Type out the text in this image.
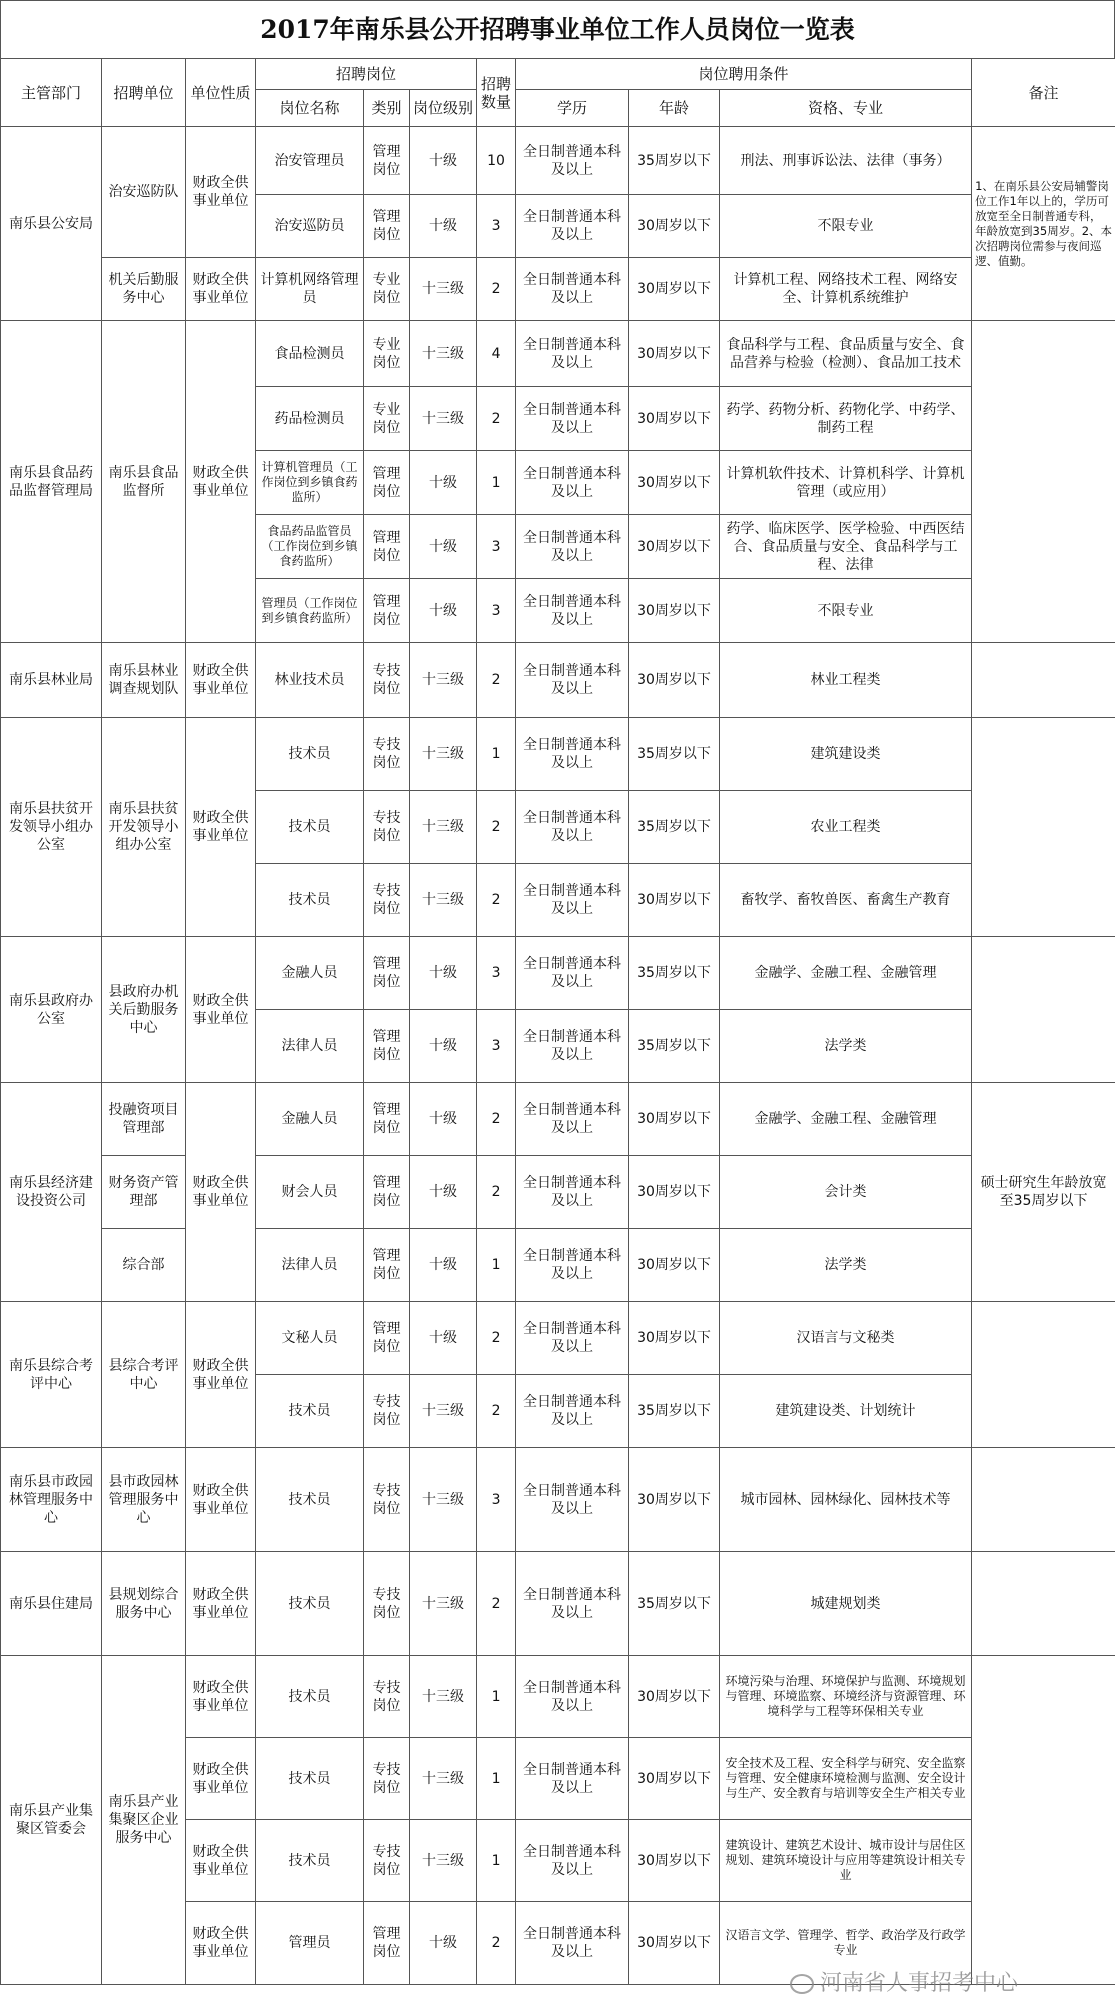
2017年南乐县公开招聘事业单位工作人员岗位一览表
主管部门	招聘单位	单位性质	招聘岗位			招聘数量	岗位聘用条件			备注
			岗位名称	类别	岗位级别		学历	年龄	资格、专业	
南乐县公安局	治安巡防队	财政全供事业单位	治安管理员	管理岗位	十级	10	全日制普通本科及以上	35周岁以下	刑法、刑事诉讼法、法律（事务）	1、在南乐县公安局辅警岗位工作1年以上的，学历可放宽至全日制普通专科，年龄放宽到35周岁。2、本次招聘岗位需参与夜间巡逻、值勤。
			治安巡防员	管理岗位	十级	3	全日制普通本科及以上	30周岁以下	不限专业	
	机关后勤服务中心	财政全供事业单位	计算机网络管理员	专业岗位	十三级	2	全日制普通本科及以上	30周岁以下	计算机工程、网络技术工程、网络安全、计算机系统维护	
南乐县食品药品监督管理局	南乐县食品监督所	财政全供事业单位	食品检测员	专业岗位	十三级	4	全日制普通本科及以上	30周岁以下	食品科学与工程、食品质量与安全、食品营养与检验（检测）、食品加工技术	
			药品检测员	专业岗位	十三级	2	全日制普通本科及以上	30周岁以下	药学、药物分析、药物化学、中药学、制药工程	
			计算机管理员（工作岗位到乡镇食药监所）	管理岗位	十级	1	全日制普通本科及以上	30周岁以下	计算机软件技术、计算机科学、计算机管理（或应用）	
			食品药品监管员（工作岗位到乡镇食药监所）	管理岗位	十级	3	全日制普通本科及以上	30周岁以下	药学、临床医学、医学检验、中西医结合、食品质量与安全、食品科学与工程、法律	
			管理员（工作岗位到乡镇食药监所）	管理岗位	十级	3	全日制普通本科及以上	30周岁以下	不限专业	
南乐县林业局	南乐县林业调查规划队	财政全供事业单位	林业技术员	专技岗位	十三级	2	全日制普通本科及以上	30周岁以下	林业工程类	
南乐县扶贫开发领导小组办公室	南乐县扶贫开发领导小组办公室	财政全供事业单位	技术员	专技岗位	十三级	1	全日制普通本科及以上	35周岁以下	建筑建设类	
			技术员	专技岗位	十三级	2	全日制普通本科及以上	35周岁以下	农业工程类	
			技术员	专技岗位	十三级	2	全日制普通本科及以上	30周岁以下	畜牧学、畜牧兽医、畜禽生产教育	
南乐县政府办公室	县政府办机关后勤服务中心	财政全供事业单位	金融人员	管理岗位	十级	3	全日制普通本科及以上	35周岁以下	金融学、金融工程、金融管理	
			法律人员	管理岗位	十级	3	全日制普通本科及以上	35周岁以下	法学类	
南乐县经济建设投资公司	投融资项目管理部	财政全供事业单位	金融人员	管理岗位	十级	2	全日制普通本科及以上	30周岁以下	金融学、金融工程、金融管理	硕士研究生年龄放宽至35周岁以下
	财务资产管理部		财会人员	管理岗位	十级	2	全日制普通本科及以上	30周岁以下	会计类	
	综合部		法律人员	管理岗位	十级	1	全日制普通本科及以上	30周岁以下	法学类	
南乐县综合考评中心	县综合考评中心	财政全供事业单位	文秘人员	管理岗位	十级	2	全日制普通本科及以上	30周岁以下	汉语言与文秘类	
			技术员	专技岗位	十三级	2	全日制普通本科及以上	35周岁以下	建筑建设类、计划统计	
南乐县市政园林管理服务中心	县市政园林管理服务中心	财政全供事业单位	技术员	专技岗位	十三级	3	全日制普通本科及以上	30周岁以下	城市园林、园林绿化、园林技术等	
南乐县住建局	县规划综合服务中心	财政全供事业单位	技术员	专技岗位	十三级	2	全日制普通本科及以上	35周岁以下	城建规划类	
南乐县产业集聚区管委会	南乐县产业集聚区企业服务中心	财政全供事业单位	技术员	专技岗位	十三级	1	全日制普通本科及以上	30周岁以下	环境污染与治理、环境保护与监测、环境规划与管理、环境监察、环境经济与资源管理、环境科学与工程等环保相关专业	
		财政全供事业单位	技术员	专技岗位	十三级	1	全日制普通本科及以上	30周岁以下	安全技术及工程、安全科学与研究、安全监察与管理、安全健康环境检测与监测、安全设计与生产、安全教育与培训等安全生产相关专业	
		财政全供事业单位	技术员	专技岗位	十三级	1	全日制普通本科及以上	30周岁以下	建筑设计、建筑艺术设计、城市设计与居住区规划、建筑环境设计与应用等建筑设计相关专业	
		财政全供事业单位	管理员	管理岗位	十级	2	全日制普通本科及以上	30周岁以下	汉语言文学、管理学、哲学、政治学及行政学专业	
河南省人事招考中心
